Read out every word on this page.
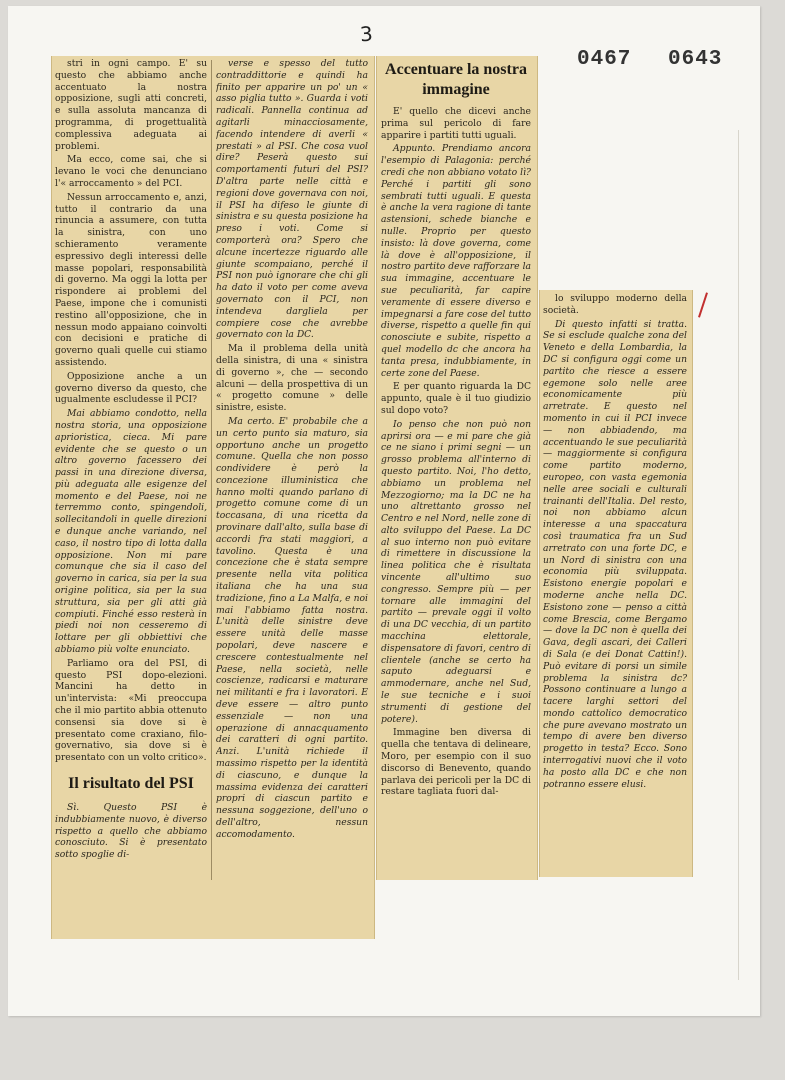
3
0467 0643

stri in ogni campo. E' su questo che abbiamo anche accentuato la nostra opposizione, sugli atti concreti, e sulla assoluta mancanza di programma, di progettualità complessiva adeguata ai problemi.

Ma ecco, come sai, che si levano le voci che denunciano l'« arroccamento » del PCI.

Nessun arroccamento e, anzi, tutto il contrario da una rinuncia a assumere, con tutta la sinistra, con uno schieramento veramente espressivo degli interessi delle masse popolari, responsabilità di governo. Ma oggi la lotta per rispondere ai problemi del Paese, impone che i comunisti restino all'opposizione, che in nessun modo appaiano coinvolti con decisioni e pratiche di governo quali quelle cui stiamo assistendo.

Opposizione anche a un governo diverso da questo, che ugualmente escludesse il PCI?

Mai abbiamo condotto, nella nostra storia, una opposizione aprioristica, cieca. Mi pare evidente che se questo o un altro governo facessero dei passi in una direzione diversa, più adeguata alle esigenze del momento e del Paese, noi ne terremmo conto, spingendoli, sollecitandoli in quelle direzioni e dunque anche variando, nel caso, il nostro tipo di lotta dalla opposizione. Non mi pare comunque che sia il caso del governo in carica, sia per la sua origine politica, sia per la sua struttura, sia per gli atti già compiuti. Finché esso resterà in piedi noi non cesseremo di lottare per gli obbiettivi che abbiamo più volte enunciato.

Parliamo ora del PSI, di questo PSI dopo-elezioni. Mancini ha detto in un'intervista: «Mi preoccupa che il mio partito abbia ottenuto consensi sia dove si è presentato come craxiano, filo-governativo, sia dove si è presentato con un volto critico».

Il risultato del PSI

Sì. Questo PSI è indubbiamente nuovo, è diverso rispetto a quello che abbiamo conosciuto. Si è presentato sotto spoglie di-

verse e spesso del tutto contraddittorie e quindi ha finito per apparire un po' un « asso piglia tutto ». Guarda i voti radicali. Pannella continua ad agitarli minacciosamente, facendo intendere di averli « prestati » al PSI. Che cosa vuol dire? Peserà questo sui comportamenti futuri del PSI? D'altra parte nelle città e regioni dove governava con noi, il PSI ha difeso le giunte di sinistra e su questa posizione ha preso i voti. Come si comporterà ora? Spero che alcune incertezze riguardo alle giunte scompaiano, perché il PSI non può ignorare che chi gli ha dato il voto per come aveva governato con il PCI, non intendeva dargliela per compiere cose che avrebbe governato con la DC.

Ma il problema della unità della sinistra, di una « sinistra di governo », che — secondo alcuni — della prospettiva di un « progetto comune » delle sinistre, esiste.

Ma certo. E' probabile che a un certo punto sia maturo, sia opportuno anche un progetto comune. Quella che non posso condividere è però la concezione illuministica che hanno molti quando parlano di progetto comune come di un toccasana, di una ricetta da provinare dall'alto, sulla base di accordi fra stati maggiori, a tavolino. Questa è una concezione che è stata sempre presente nella vita politica italiana che ha una sua tradizione, fino a La Malfa, e noi mai l'abbiamo fatta nostra. L'unità delle sinistre deve essere unità delle masse popolari, deve nascere e crescere contestualmente nel Paese, nella società, nelle coscienze, radicarsi e maturare nei militanti e fra i lavoratori. E deve essere — altro punto essenziale — non una operazione di annacquamento dei caratteri di ogni partito. Anzi. L'unità richiede il massimo rispetto per la identità di ciascuno, e dunque la massima evidenza dei caratteri propri di ciascun partito e nessuna soggezione, dell'uno o dell'altro, nessun accomodamento.

Accentuare la nostra immagine

E' quello che dicevi anche prima sul pericolo di fare apparire i partiti tutti uguali.

Appunto. Prendiamo ancora l'esempio di Palagonia: perché credi che non abbiano votato lì? Perché i partiti gli sono sembrati tutti uguali. E questa è anche la vera ragione di tante astensioni, schede bianche e nulle. Proprio per questo insisto: là dove governa, come là dove è all'opposizione, il nostro partito deve rafforzare la sua immagine, accentuare le sue peculiarità, far capire veramente di essere diverso e impegnarsi a fare cose del tutto diverse, rispetto a quelle fin qui conosciute e subite, rispetto a quel modello dc che ancora ha tanta presa, indubbiamente, in certe zone del Paese.

E per quanto riguarda la DC appunto, quale è il tuo giudizio sul dopo voto?

Io penso che non può non aprirsi ora — e mi pare che già ce ne siano i primi segni — un grosso problema all'interno di questo partito. Noi, l'ho detto, abbiamo un problema nel Mezzogiorno; ma la DC ne ha uno altrettanto grosso nel Centro e nel Nord, nelle zone di alto sviluppo del Paese. La DC al suo interno non può evitare di rimettere in discussione la linea politica che è risultata vincente all'ultimo suo congresso. Sempre più — per tornare alle immagini del partito — prevale oggi il volto di una DC vecchia, di un partito macchina elettorale, dispensatore di favori, centro di clientele (anche se certo ha saputo adeguarsi e ammodernare, anche nel Sud, le sue tecniche e i suoi strumenti di gestione del potere).

Immagine ben diversa di quella che tentava di delineare, Moro, per esempio con il suo discorso di Benevento, quando parlava dei pericoli per la DC di restare tagliata fuori dal-

lo sviluppo moderno della società.

Di questo infatti si tratta. Se si esclude qualche zona del Veneto e della Lombardia, la DC si configura oggi come un partito che riesce a essere egemone solo nelle aree economicamente più arretrate. E questo nel momento in cui il PCI invece — non abbiadendo, ma accentuando le sue peculiarità — maggiormente si configura come partito moderno, europeo, con vasta egemonia nelle aree sociali e culturali trainanti dell'Italia. Del resto, noi non abbiamo alcun interesse a una spaccatura così traumatica fra un Sud arretrato con una forte DC, e un Nord di sinistra con una economia più sviluppata. Esistono energie popolari e moderne anche nella DC. Esistono zone — penso a città come Brescia, come Bergamo — dove la DC non è quella dei Gava, degli ascari, dei Calleri di Sala (e dei Donat Cattin!). Può evitare di porsi un simile problema la sinistra dc? Possono continuare a lungo a tacere larghi settori del mondo cattolico democratico che pure avevano mostrato un tempo di avere ben diverso progetto in testa? Ecco. Sono interrogativi nuovi che il voto ha posto alla DC e che non potranno essere elusi.
